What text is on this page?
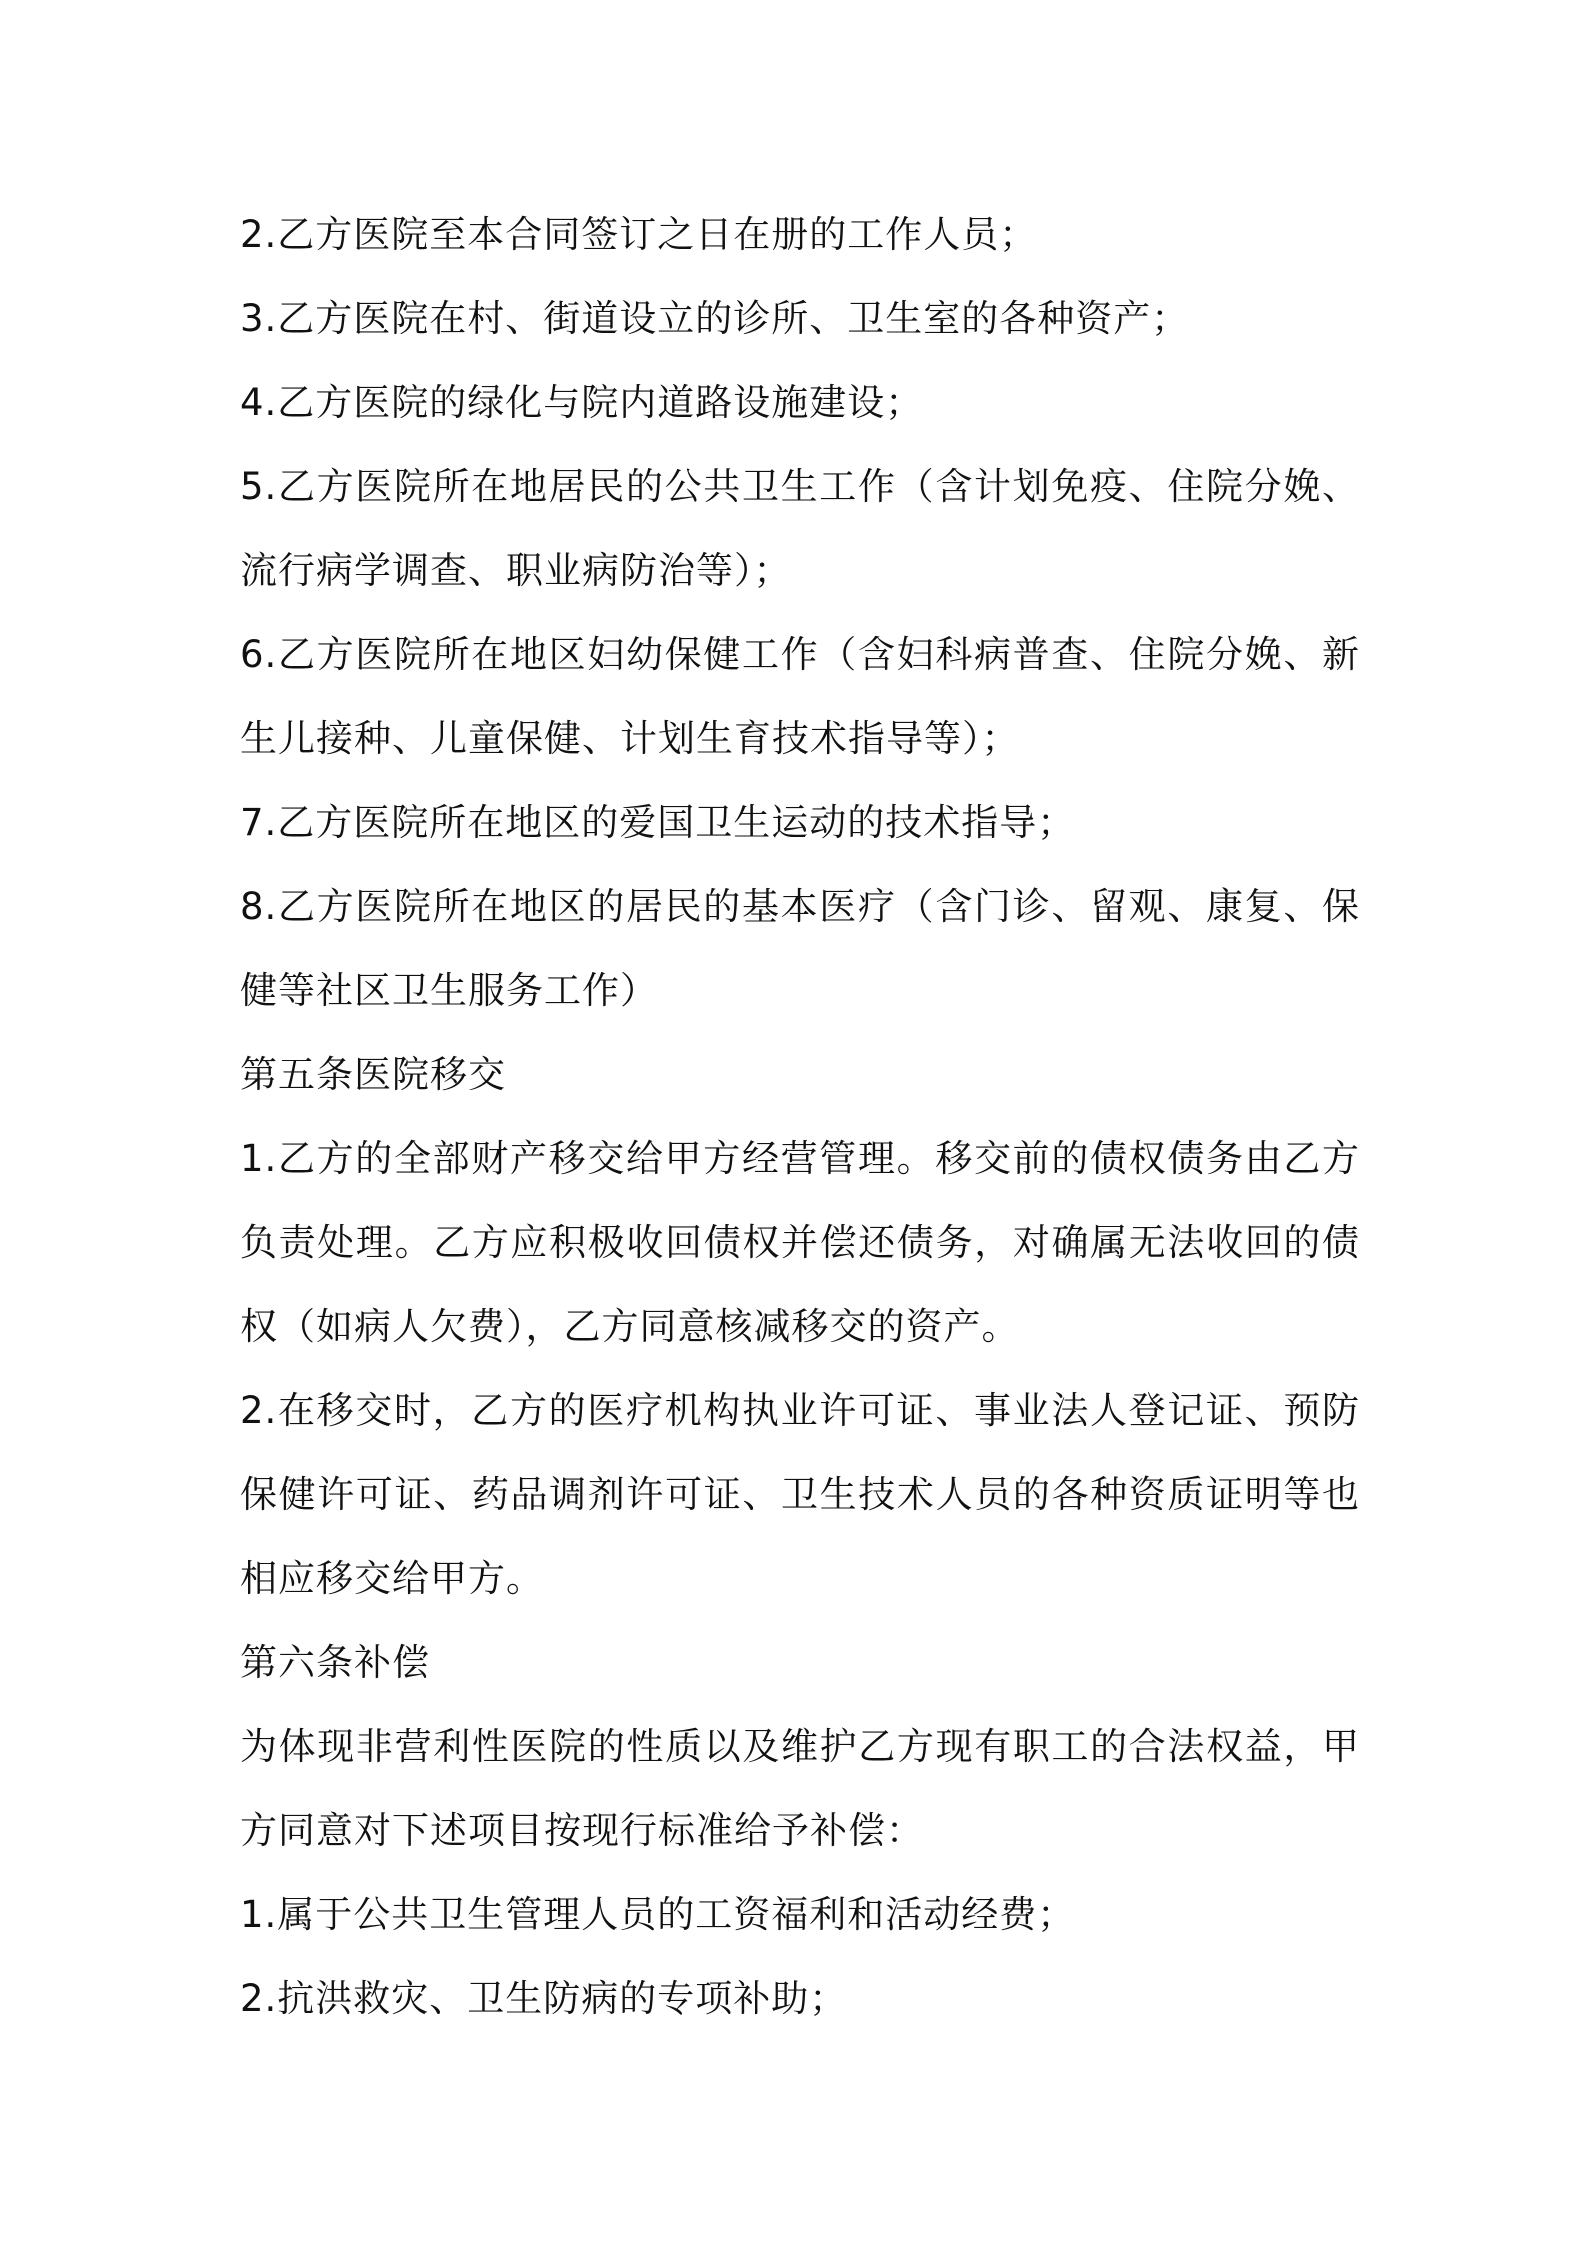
2.乙方医院至本合同签订之日在册的工作人员；

3.乙方医院在村、街道设立的诊所、卫生室的各种资产；

4.乙方医院的绿化与院内道路设施建设；

5.乙方医院所在地居民的公共卫生工作（含计划免疫、住院分娩、流行病学调查、职业病防治等）；

6.乙方医院所在地区妇幼保健工作（含妇科病普查、住院分娩、新生儿接种、儿童保健、计划生育技术指导等）；

7.乙方医院所在地区的爱国卫生运动的技术指导；

8.乙方医院所在地区的居民的基本医疗（含门诊、留观、康复、保健等社区卫生服务工作）

第五条医院移交

1.乙方的全部财产移交给甲方经营管理。移交前的债权债务由乙方负责处理。乙方应积极收回债权并偿还债务，对确属无法收回的债权（如病人欠费），乙方同意核减移交的资产。

2.在移交时，乙方的医疗机构执业许可证、事业法人登记证、预防保健许可证、药品调剂许可证、卫生技术人员的各种资质证明等也相应移交给甲方。

第六条补偿

为体现非营利性医院的性质以及维护乙方现有职工的合法权益，甲方同意对下述项目按现行标准给予补偿：

1.属于公共卫生管理人员的工资福利和活动经费；

2.抗洪救灾、卫生防病的专项补助；
